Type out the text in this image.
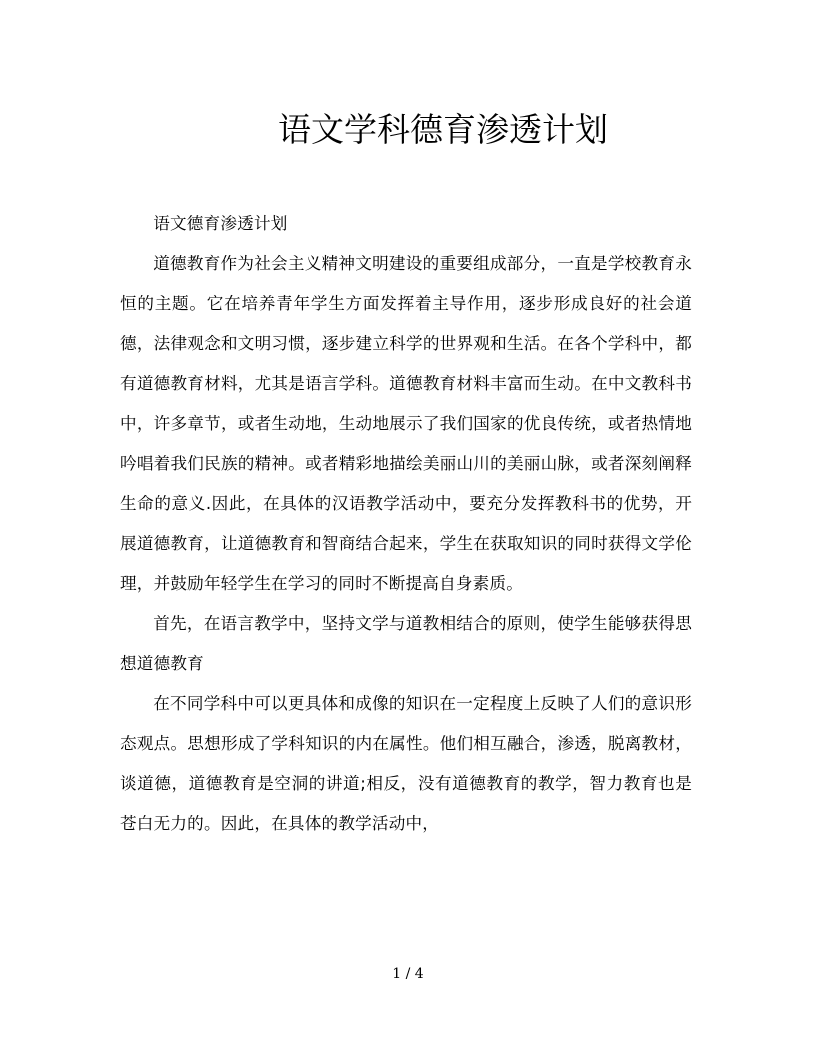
语文学科德育渗透计划

语文德育渗透计划

道德教育作为社会主义精神文明建设的重要组成部分，一直是学校教育永恒的主题。它在培养青年学生方面发挥着主导作用，逐步形成良好的社会道德，法律观念和文明习惯，逐步建立科学的世界观和生活。在各个学科中，都有道德教育材料，尤其是语言学科。道德教育材料丰富而生动。在中文教科书中，许多章节，或者生动地，生动地展示了我们国家的优良传统，或者热情地吟唱着我们民族的精神。或者精彩地描绘美丽山川的美丽山脉，或者深刻阐释生命的意义.因此，在具体的汉语教学活动中，要充分发挥教科书的优势，开展道德教育，让道德教育和智商结合起来，学生在获取知识的同时获得文学伦理，并鼓励年轻学生在学习的同时不断提高自身素质。

首先，在语言教学中，坚持文学与道教相结合的原则，使学生能够获得思想道德教育

在不同学科中可以更具体和成像的知识在一定程度上反映了人们的意识形态观点。思想形成了学科知识的内在属性。他们相互融合，渗透，脱离教材，谈道德，道德教育是空洞的讲道;相反，没有道德教育的教学，智力教育也是苍白无力的。因此，在具体的教学活动中，

1 / 4
